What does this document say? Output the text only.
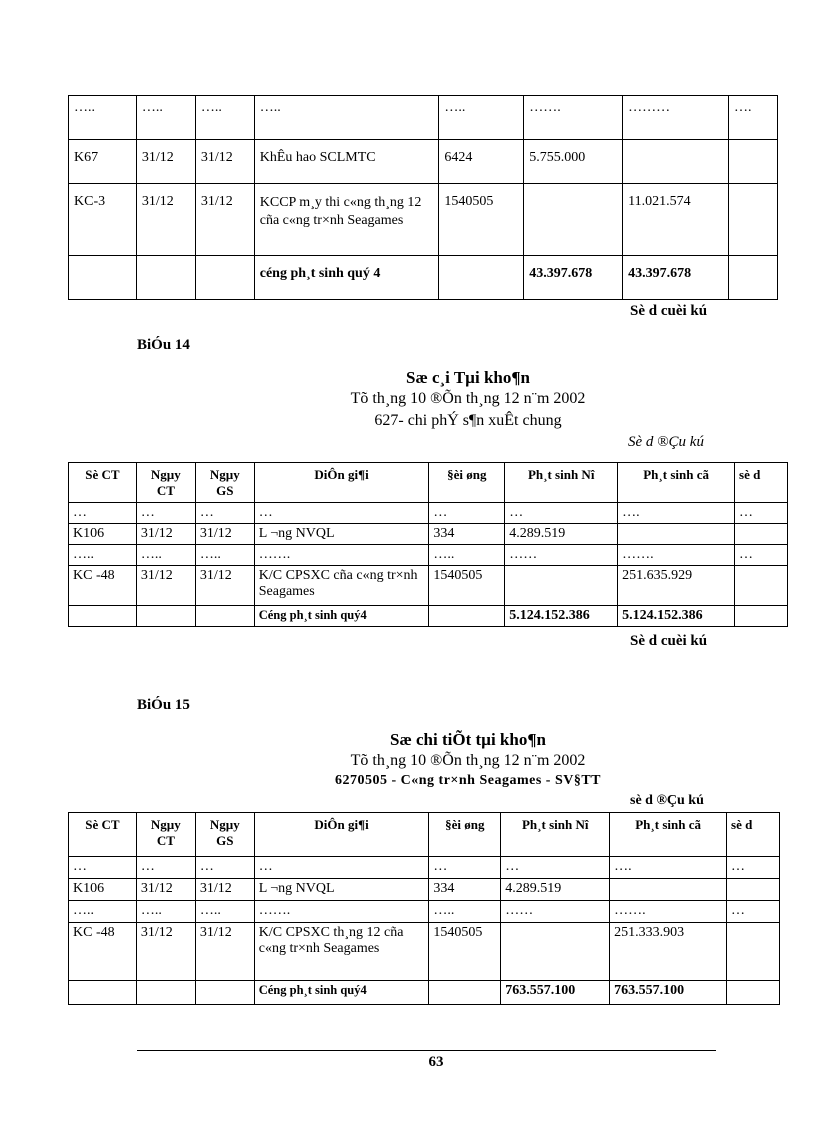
…..	…..	…..	…..	…..	…….	………	….
K67	31/12	31/12	KhÊu hao SCLMTC	6424	5.755.000		
KC-3	31/12	31/12	KCCP m¸y thi c«ng th¸ng 12 cña c«ng tr×nh Seagames	1540505		11.021.574	
			céng ph¸t sinh quý 4		43.397.678	43.397.678	
Sè d cuèi kú
BiÓu 14
Sæ c¸i Tµi kho¶n
Tõ th¸ng 10 ®Õn th¸ng 12 n¨m 2002
627- chi phÝ s¶n xuÊt chung
Sè d ®Çu kú
Sè CT	Ngµy CT	Ngµy GS	DiÔn gi¶i	§èi øng	Ph¸t sinh Nî	Ph¸t sinh cã	sè d
…	…	…	…	…	…	….	…
K106	31/12	31/12	L ¬ng NVQL	334	4.289.519		
…..	…..	…..	…….	…..	……	…….	…
KC -48	31/12	31/12	K/C CPSXC cña c«ng tr×nh Seagames	1540505		251.635.929	
			Céng ph¸t sinh quý4		5.124.152.386	5.124.152.386	
Sè d cuèi kú
BiÓu 15
Sæ chi tiÕt tµi kho¶n
Tõ th¸ng 10 ®Õn th¸ng 12 n¨m 2002
6270505 - C«ng tr×nh Seagames - SV§TT
sè d ®Çu kú
Sè CT	Ngµy CT	Ngµy GS	DiÔn gi¶i	§èi øng	Ph¸t sinh Nî	Ph¸t sinh cã	sè d
…	…	…	…	…	…	….	…
K106	31/12	31/12	L ¬ng NVQL	334	4.289.519		
…..	…..	…..	…….	…..	……	…….	…
KC -48	31/12	31/12	K/C CPSXC th¸ng 12 cña c«ng tr×nh Seagames	1540505		251.333.903	
			Céng ph¸t sinh quý4		763.557.100	763.557.100	
63
